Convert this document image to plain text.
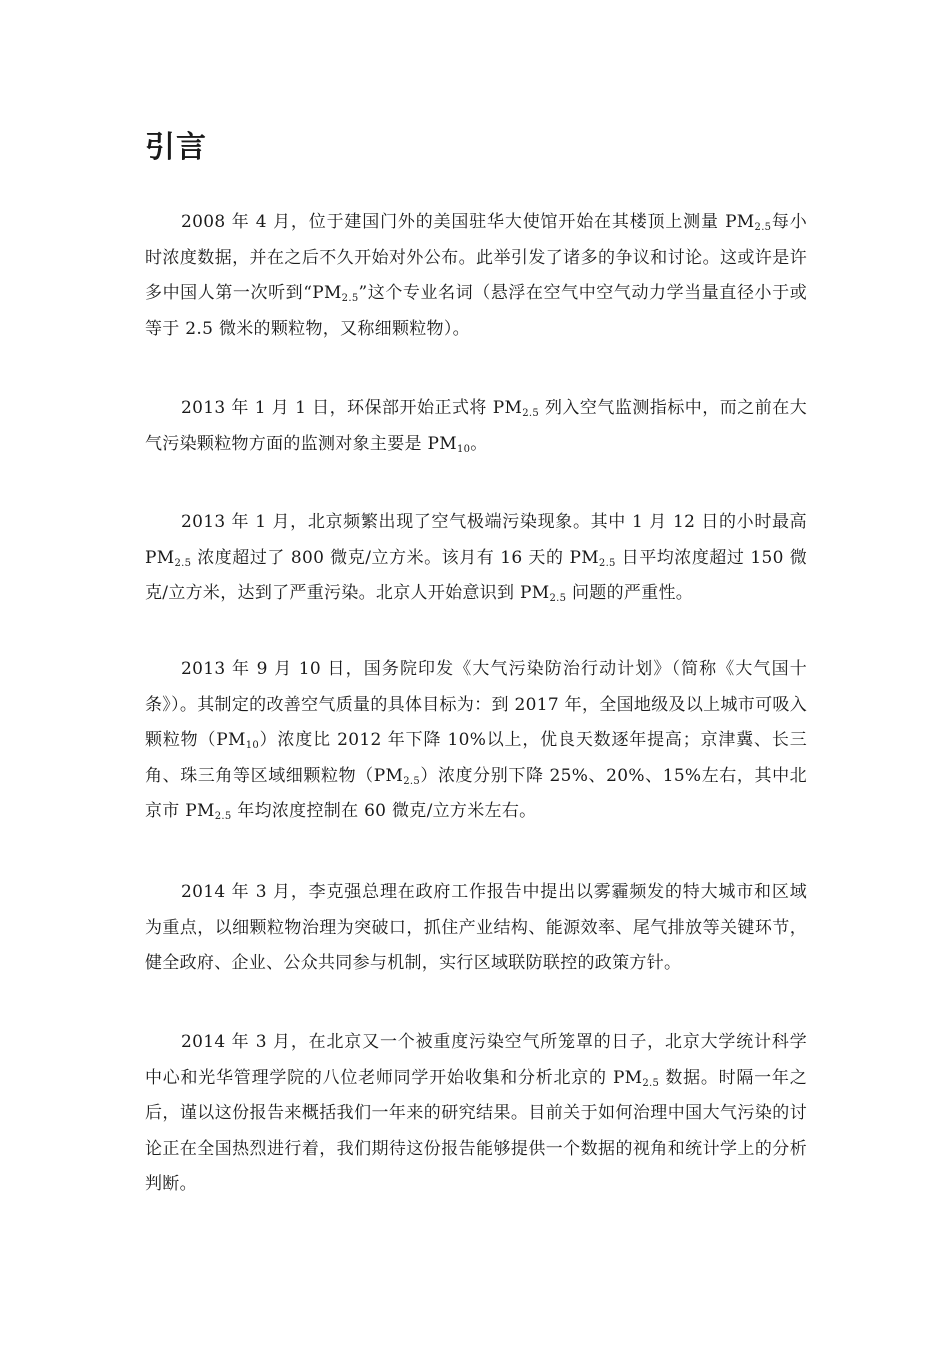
引言

2008 年 4 月，位于建国门外的美国驻华大使馆开始在其楼顶上测量 $PM_{2.5}$每小时浓度数据，并在之后不久开始对外公布。此举引发了诸多的争议和讨论。这或许是许多中国人第一次听到“$PM_{2.5}$”这个专业名词（悬浮在空气中空气动力学当量直径小于或等于 2.5 微米的颗粒物，又称细颗粒物）。

2013 年 1 月 1 日，环保部开始正式将 $PM_{2.5}$ 列入空气监测指标中，而之前在大气污染颗粒物方面的监测对象主要是 $PM_{10}$。

2013 年 1 月，北京频繁出现了空气极端污染现象。其中 1 月 12 日的小时最高 $PM_{2.5}$ 浓度超过了 800 微克/立方米。该月有 16 天的 $PM_{2.5}$ 日平均浓度超过 150 微克/立方米，达到了严重污染。北京人开始意识到 $PM_{2.5}$ 问题的严重性。

2013 年 9 月 10 日，国务院印发《大气污染防治行动计划》（简称《大气国十条》）。其制定的改善空气质量的具体目标为：到 2017 年，全国地级及以上城市可吸入颗粒物$(PM_{10})$浓度比 2012 年下降 10%以上，优良天数逐年提高；京津冀、长三角、珠三角等区域细颗粒物$(PM_{2.5})$浓度分别下降 25%、20%、15%左右，其中北京市 $PM_{2.5}$ 年均浓度控制在 60 微克/立方米左右。

2014 年 3 月，李克强总理在政府工作报告中提出以雾霾频发的特大城市和区域为重点，以细颗粒物治理为突破口，抓住产业结构、能源效率、尾气排放等关键环节，健全政府、企业、公众共同参与机制，实行区域联防联控的政策方针。

2014 年 3 月，在北京又一个被重度污染空气所笼罩的日子，北京大学统计科学中心和光华管理学院的八位老师同学开始收集和分析北京的 $PM_{2.5}$ 数据。时隔一年之后，谨以这份报告来概括我们一年来的研究结果。目前关于如何治理中国大气污染的讨论正在全国热烈进行着，我们期待这份报告能够提供一个数据的视角和统计学上的分析判断。
